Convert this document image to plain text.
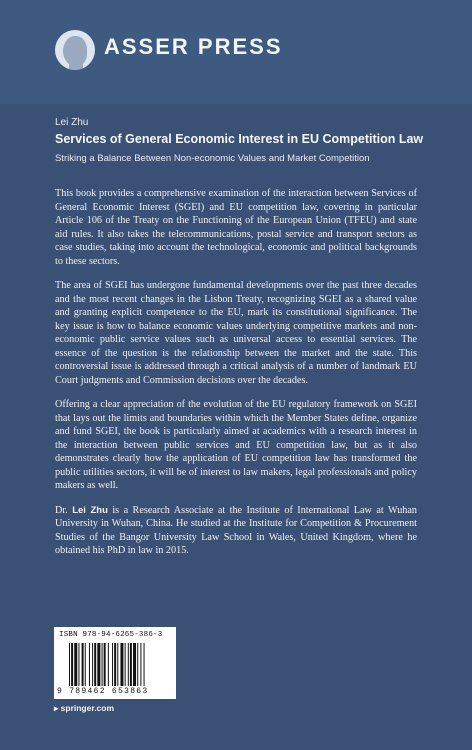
ASSER PRESS
Lei Zhu
Services of General Economic Interest in EU Competition Law
Striking a Balance Between Non-economic Values and Market Competition

This book provides a comprehensive examination of the interaction between Services of General Economic Interest (SGEI) and EU competition law, covering in particular Article 106 of the Treaty on the Functioning of the European Union (TFEU) and state aid rules. It also takes the telecommunications, postal service and transport sectors as case studies, taking into account the technological, economic and political backgrounds to these sectors.

The area of SGEI has undergone fundamental developments over the past three decades and the most recent changes in the Lisbon Treaty, recognizing SGEI as a shared value and granting explicit competence to the EU, mark its constitutional significance. The key issue is how to balance economic values underlying competitive markets and non-economic public service values such as universal access to essential services. The essence of the question is the relationship between the market and the state. This controversial issue is addressed through a critical analysis of a number of landmark EU Court judgments and Commission decisions over the decades.

Offering a clear appreciation of the evolution of the EU regulatory framework on SGEI that lays out the limits and boundaries within which the Member States define, organize and fund SGEI, the book is particularly aimed at academics with a research interest in the interaction between public services and EU competition law, but as it also demonstrates clearly how the application of EU competition law has transformed the public utilities sectors, it will be of interest to law makers, legal professionals and policy makers as well.

Dr. Lei Zhu is a Research Associate at the Institute of International Law at Wuhan University in Wuhan, China. He studied at the Institute for Competition & Procurement Studies of the Bangor University Law School in Wales, United Kingdom, where he obtained his PhD in law in 2015.

ISBN 978-94-6265-386-3
9 789462 653863
▸ springer.com
